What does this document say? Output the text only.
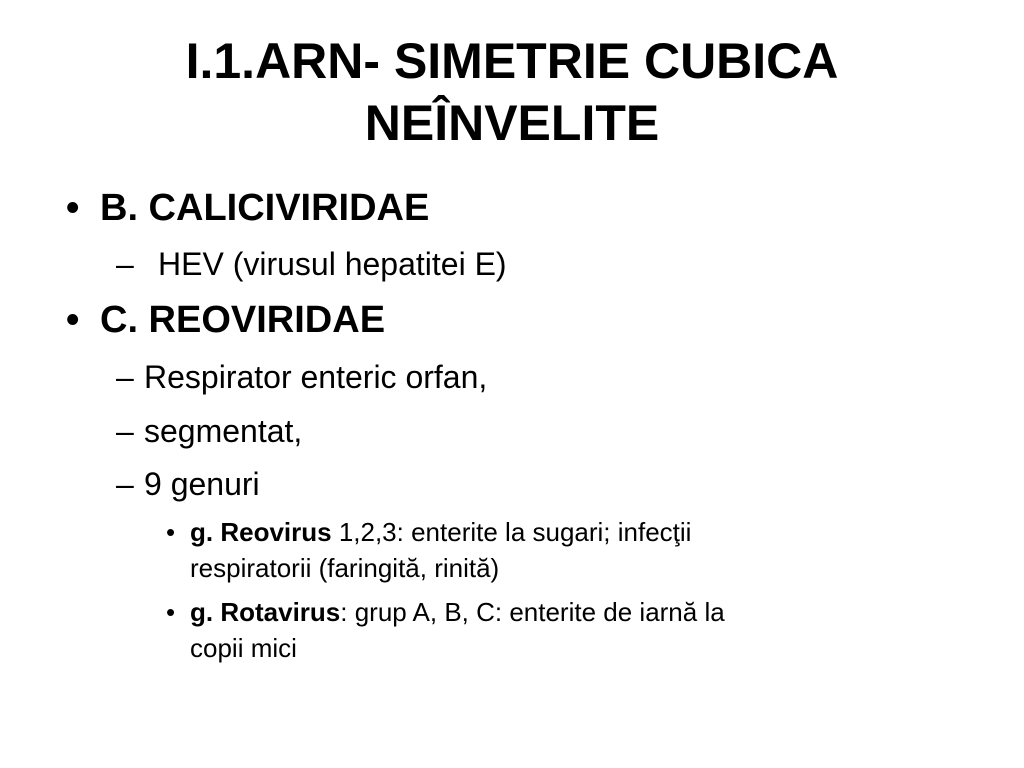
I.1.ARN- SIMETRIE CUBICA
NEÎNVELITE
• B. CALICIVIRIDAE
– HEV (virusul hepatitei E)
• C. REOVIRIDAE
– Respirator enteric orfan,
– segmentat,
– 9 genuri
• g. Reovirus 1,2,3: enterite la sugari; infecţii
respiratorii (faringită, rinită)
• g. Rotavirus: grup A, B, C: enterite de iarnă la
copii mici
